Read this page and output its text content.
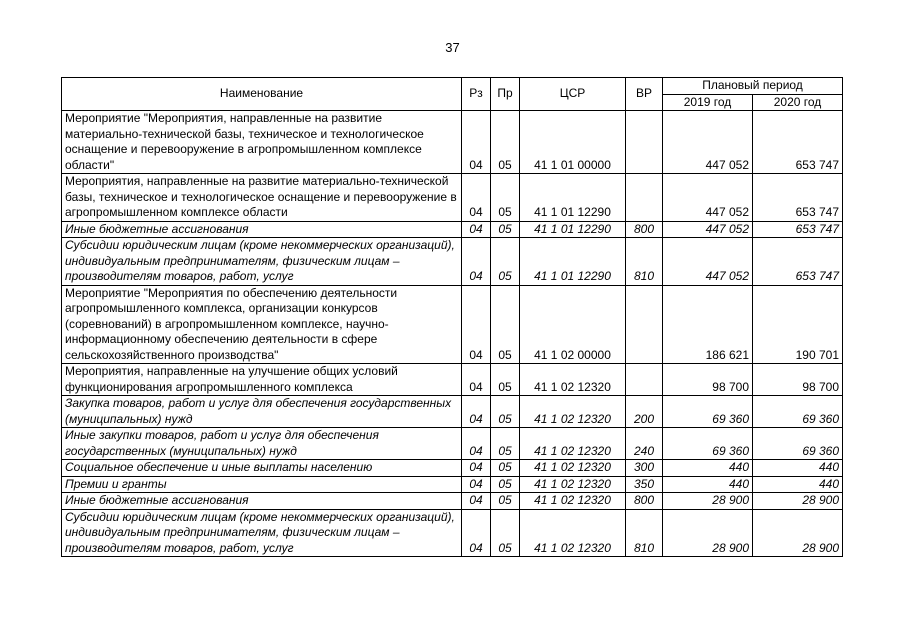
37
Наименование	Рз	Пр	ЦСР	ВР	Плановый период	
					2019 год	2020 год
Мероприятие "Мероприятия, направленные на развитие материально-технической базы, техническое и технологическое оснащение и перевооружение в агропромышленном комплексе области"	04	05	41 1 01 00000		447 052	653 747
Мероприятия, направленные на развитие материально-технической базы, техническое и технологическое оснащение и перевооружение в агропромышленном комплексе области	04	05	41 1 01 12290		447 052	653 747
Иные бюджетные ассигнования	04	05	41 1 01 12290	800	447 052	653 747
Субсидии юридическим лицам (кроме некоммерческих организаций), индивидуальным предпринимателям, физическим лицам – производителям товаров, работ, услуг	04	05	41 1 01 12290	810	447 052	653 747
Мероприятие "Мероприятия по обеспечению деятельности агропромышленного комплекса, организации конкурсов (соревнований) в агропромышленном комплексе, научно-информационному обеспечению деятельности в сфере сельскохозяйственного производства"	04	05	41 1 02 00000		186 621	190 701
Мероприятия, направленные на улучшение общих условий функционирования агропромышленного комплекса	04	05	41 1 02 12320		98 700	98 700
Закупка товаров, работ и услуг для обеспечения государственных (муниципальных) нужд	04	05	41 1 02 12320	200	69 360	69 360
Иные закупки товаров, работ и услуг для обеспечения государственных (муниципальных) нужд	04	05	41 1 02 12320	240	69 360	69 360
Социальное обеспечение и иные выплаты населению	04	05	41 1 02 12320	300	440	440
Премии и гранты	04	05	41 1 02 12320	350	440	440
Иные бюджетные ассигнования	04	05	41 1 02 12320	800	28 900	28 900
Субсидии юридическим лицам (кроме некоммерческих организаций), индивидуальным предпринимателям, физическим лицам – производителям товаров, работ, услуг	04	05	41 1 02 12320	810	28 900	28 900
